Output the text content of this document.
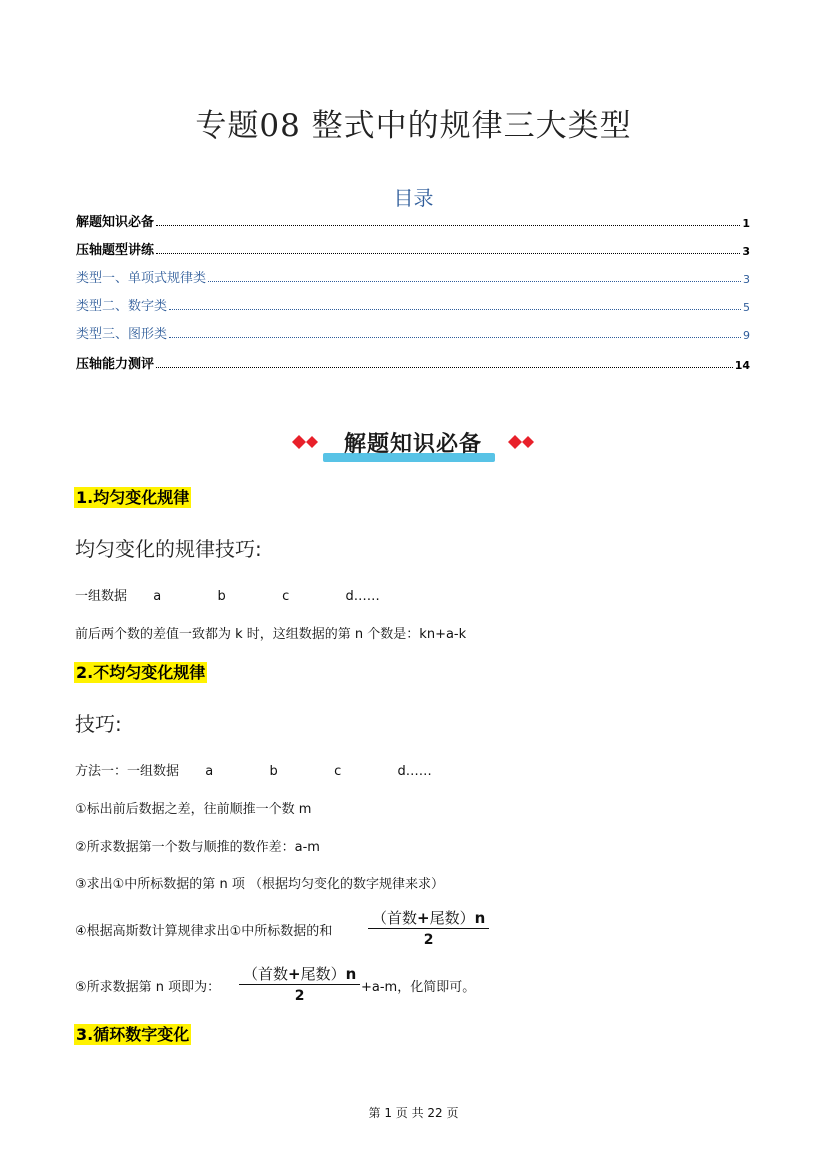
专题08 整式中的规律三大类型
目录
解题知识必备	1
压轴题型讲练	3
类型一、单项式规律类	3
类型二、数字类	5
类型三、图形类	9
压轴能力测评	14
解题知识必备
1.均匀变化规律
均匀变化的规律技巧:
一组数据 a	b	c	d……
前后两个数的差值一致都为 k 时，这组数据的第 n 个数是：kn+a-k
2.不均匀变化规律
技巧:
方法一：一组数据 a	b	c	d……
①标出前后数据之差，往前顺推一个数 m
②所求数据第一个数与顺推的数作差：a-m
③求出①中所标数据的第 n 项 （根据均匀变化的数字规律来求）
④根据高斯数计算规律求出①中所标数据的和
（首数+尾数）n
2
⑤所求数据第 n 项即为：
（首数+尾数）n
2
+a-m，化简即可。
3.循环数字变化
第 1 页 共 22 页
